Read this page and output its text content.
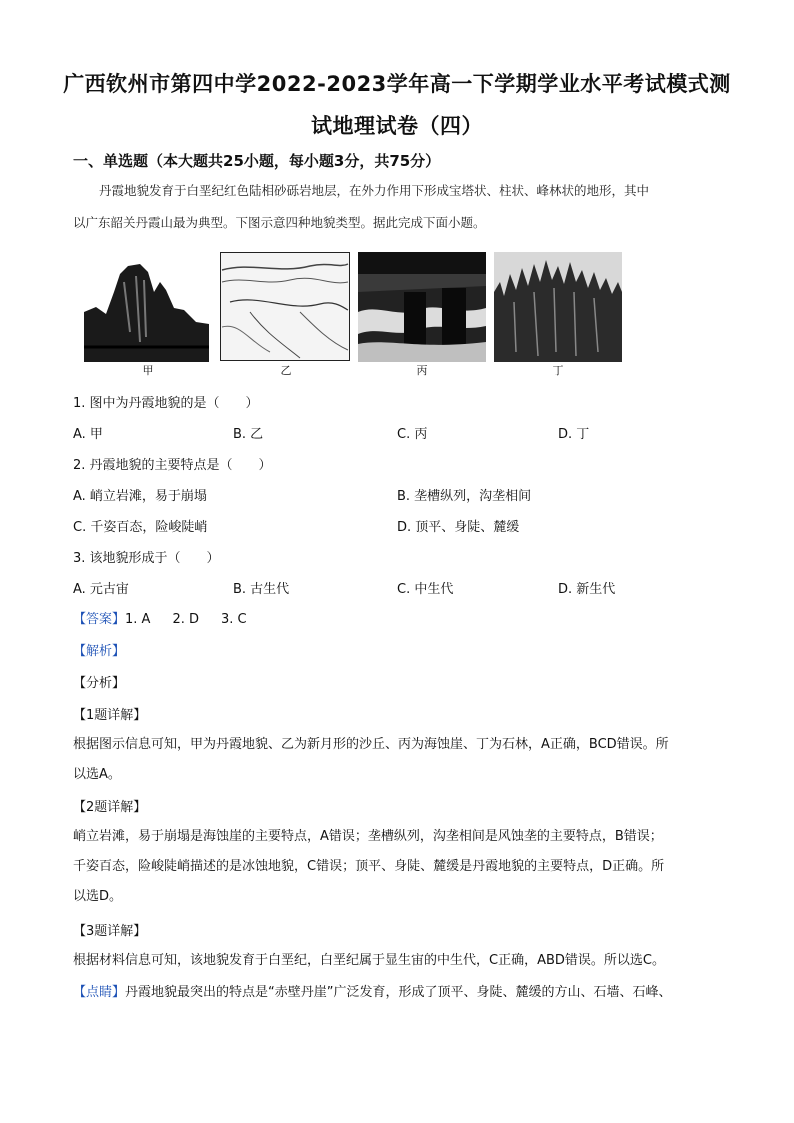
广西钦州市第四中学2022-2023学年高一下学期学业水平考试模式测
试地理试卷（四）
一、单选题（本大题共25小题，每小题3分，共75分）
丹霞地貌发育于白垩纪红色陆相砂砾岩地层，在外力作用下形成宝塔状、柱状、峰林状的地形，其中
以广东韶关丹霞山最为典型。下图示意四种地貌类型。据此完成下面小题。
甲	乙	丙	丁
1. 图中为丹霞地貌的是（　　）
A. 甲	B. 乙	C. 丙	D. 丁
2. 丹霞地貌的主要特点是（　　）
A. 峭立岩滩，易于崩塌	B. 垄槽纵列，沟垄相间
C. 千姿百态，险峻陡峭	D. 顶平、身陡、麓缓
3. 该地貌形成于（　　）
A. 元古宙	B. 古生代	C. 中生代	D. 新生代
【答案】1. A 2. D 3. C
【解析】
【分析】
【1题详解】
根据图示信息可知，甲为丹霞地貌、乙为新月形的沙丘、丙为海蚀崖、丁为石林，A正确，BCD错误。所
以选A。
【2题详解】
峭立岩滩，易于崩塌是海蚀崖的主要特点，A错误；垄槽纵列，沟垄相间是风蚀垄的主要特点，B错误；
千姿百态，险峻陡峭描述的是冰蚀地貌，C错误；顶平、身陡、麓缓是丹霞地貌的主要特点，D正确。所
以选D。
【3题详解】
根据材料信息可知，该地貌发育于白垩纪，白垩纪属于显生宙的中生代，C正确，ABD错误。所以选C。
【点睛】丹霞地貌最突出的特点是“赤壁丹崖”广泛发育，形成了顶平、身陡、麓缓的方山、石墙、石峰、
